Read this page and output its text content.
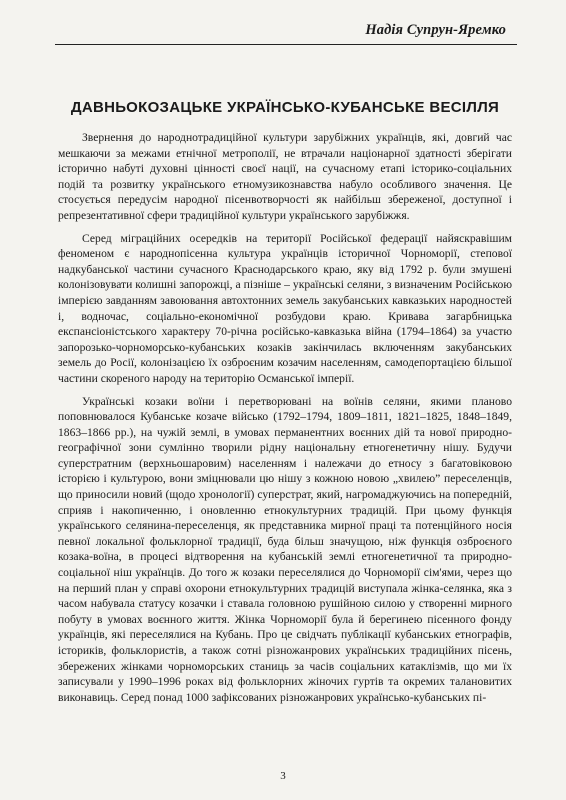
Надія Супрун-Яремко
ДАВНЬОКОЗАЦЬКЕ УКРАЇНСЬКО-КУБАНСЬКЕ ВЕСІЛЛЯ

Звернення до народнотрадиційної культури зарубіжних українців, які, довгий час мешкаючи за межами етнічної метрополії, не втрачали націонарної здатності зберігати історично набуті духовні цінності своєї нації, на сучасному етапі історико-соціальних подій та розвитку українського етномузикознавства набуло особливого значення. Це стосується передусім народної пісенвотворчості як найбільш збереженої, доступної і репрезентативної сфери традиційної культури українського зарубіжжя.

Серед міграційних осередків на території Російської федерації найяскравішим феноменом є народнопісенна культура українців історичної Чорноморії, степової надкубанської частини сучасного Краснодарського краю, яку від 1792 р. були змушені колонізовувати колишні запорожці, а пізніше – українські селяни, з визначеним Російською імперією завданням завоювання автохтонних земель закубанських кавказьких народностей і, водночас, соціально-економічної розбудови краю. Кривава загарбницька експансіоністського характеру 70-річна російсько-кавказька війна (1794–1864) за участю запорозько-чорноморсько-кубанських козаків закінчилась включенням закубанських земель до Росії, колонізацією їх озброєним козачим населенням, самодепортацією більшої частини скореного народу на територію Османської імперії.

Українські козаки воїни і перетворювані на воїнів селяни, якими планово поповнювалося Кубанське козаче військо (1792–1794, 1809–1811, 1821–1825, 1848–1849, 1863–1866 рр.), на чужій землі, в умовах перманентних воєнних дій та нової природно-географічної зони сумлінно творили рідну національну етногенетичну нішу. Будучи суперстратним (верхньошаровим) населенням і належачи до етносу з багатовіковою історією і культурою, вони зміцнювали цю нішу з кожною новою „хвилею” переселенців, що приносили новий (щодо хронології) суперстрат, який, нагромаджуючись на попередній, сприяв і накопиченню, і оновленню етнокультурних традицій. При цьому функція українського селянина-переселенця, як представника мирної праці та потенційного носія певної локальної фольклорної традиції, буда більш значущою, ніж функція озброєного козака-воїна, в процесі відтворення на кубанській землі етногенетичної та природно-соціальної ніш українців. До того ж козаки переселялися до Чорноморії сім'ями, через що на перший план у справі охорони етнокультурних традицій виступала жінка-селянка, яка з часом набувала статусу козачки і ставала головною рушійною силою у створенні мирного побуту в умовах воєнного життя. Жінка Чорноморії була й берегинею пісенного фонду українців, які переселялися на Кубань. Про це свідчать публікації кубанських етнографів, істориків, фольклористів, а також сотні різножанрових українських традиційних пісень, збережених жінками чорноморських станиць за часів соціальних катаклізмів, що ми їх записували у 1990–1996 роках від фольклорних жіночих гуртів та окремих талановитих виконавиць. Серед понад 1000 зафіксованих різножанрових українсько-кубанських пі-

3
